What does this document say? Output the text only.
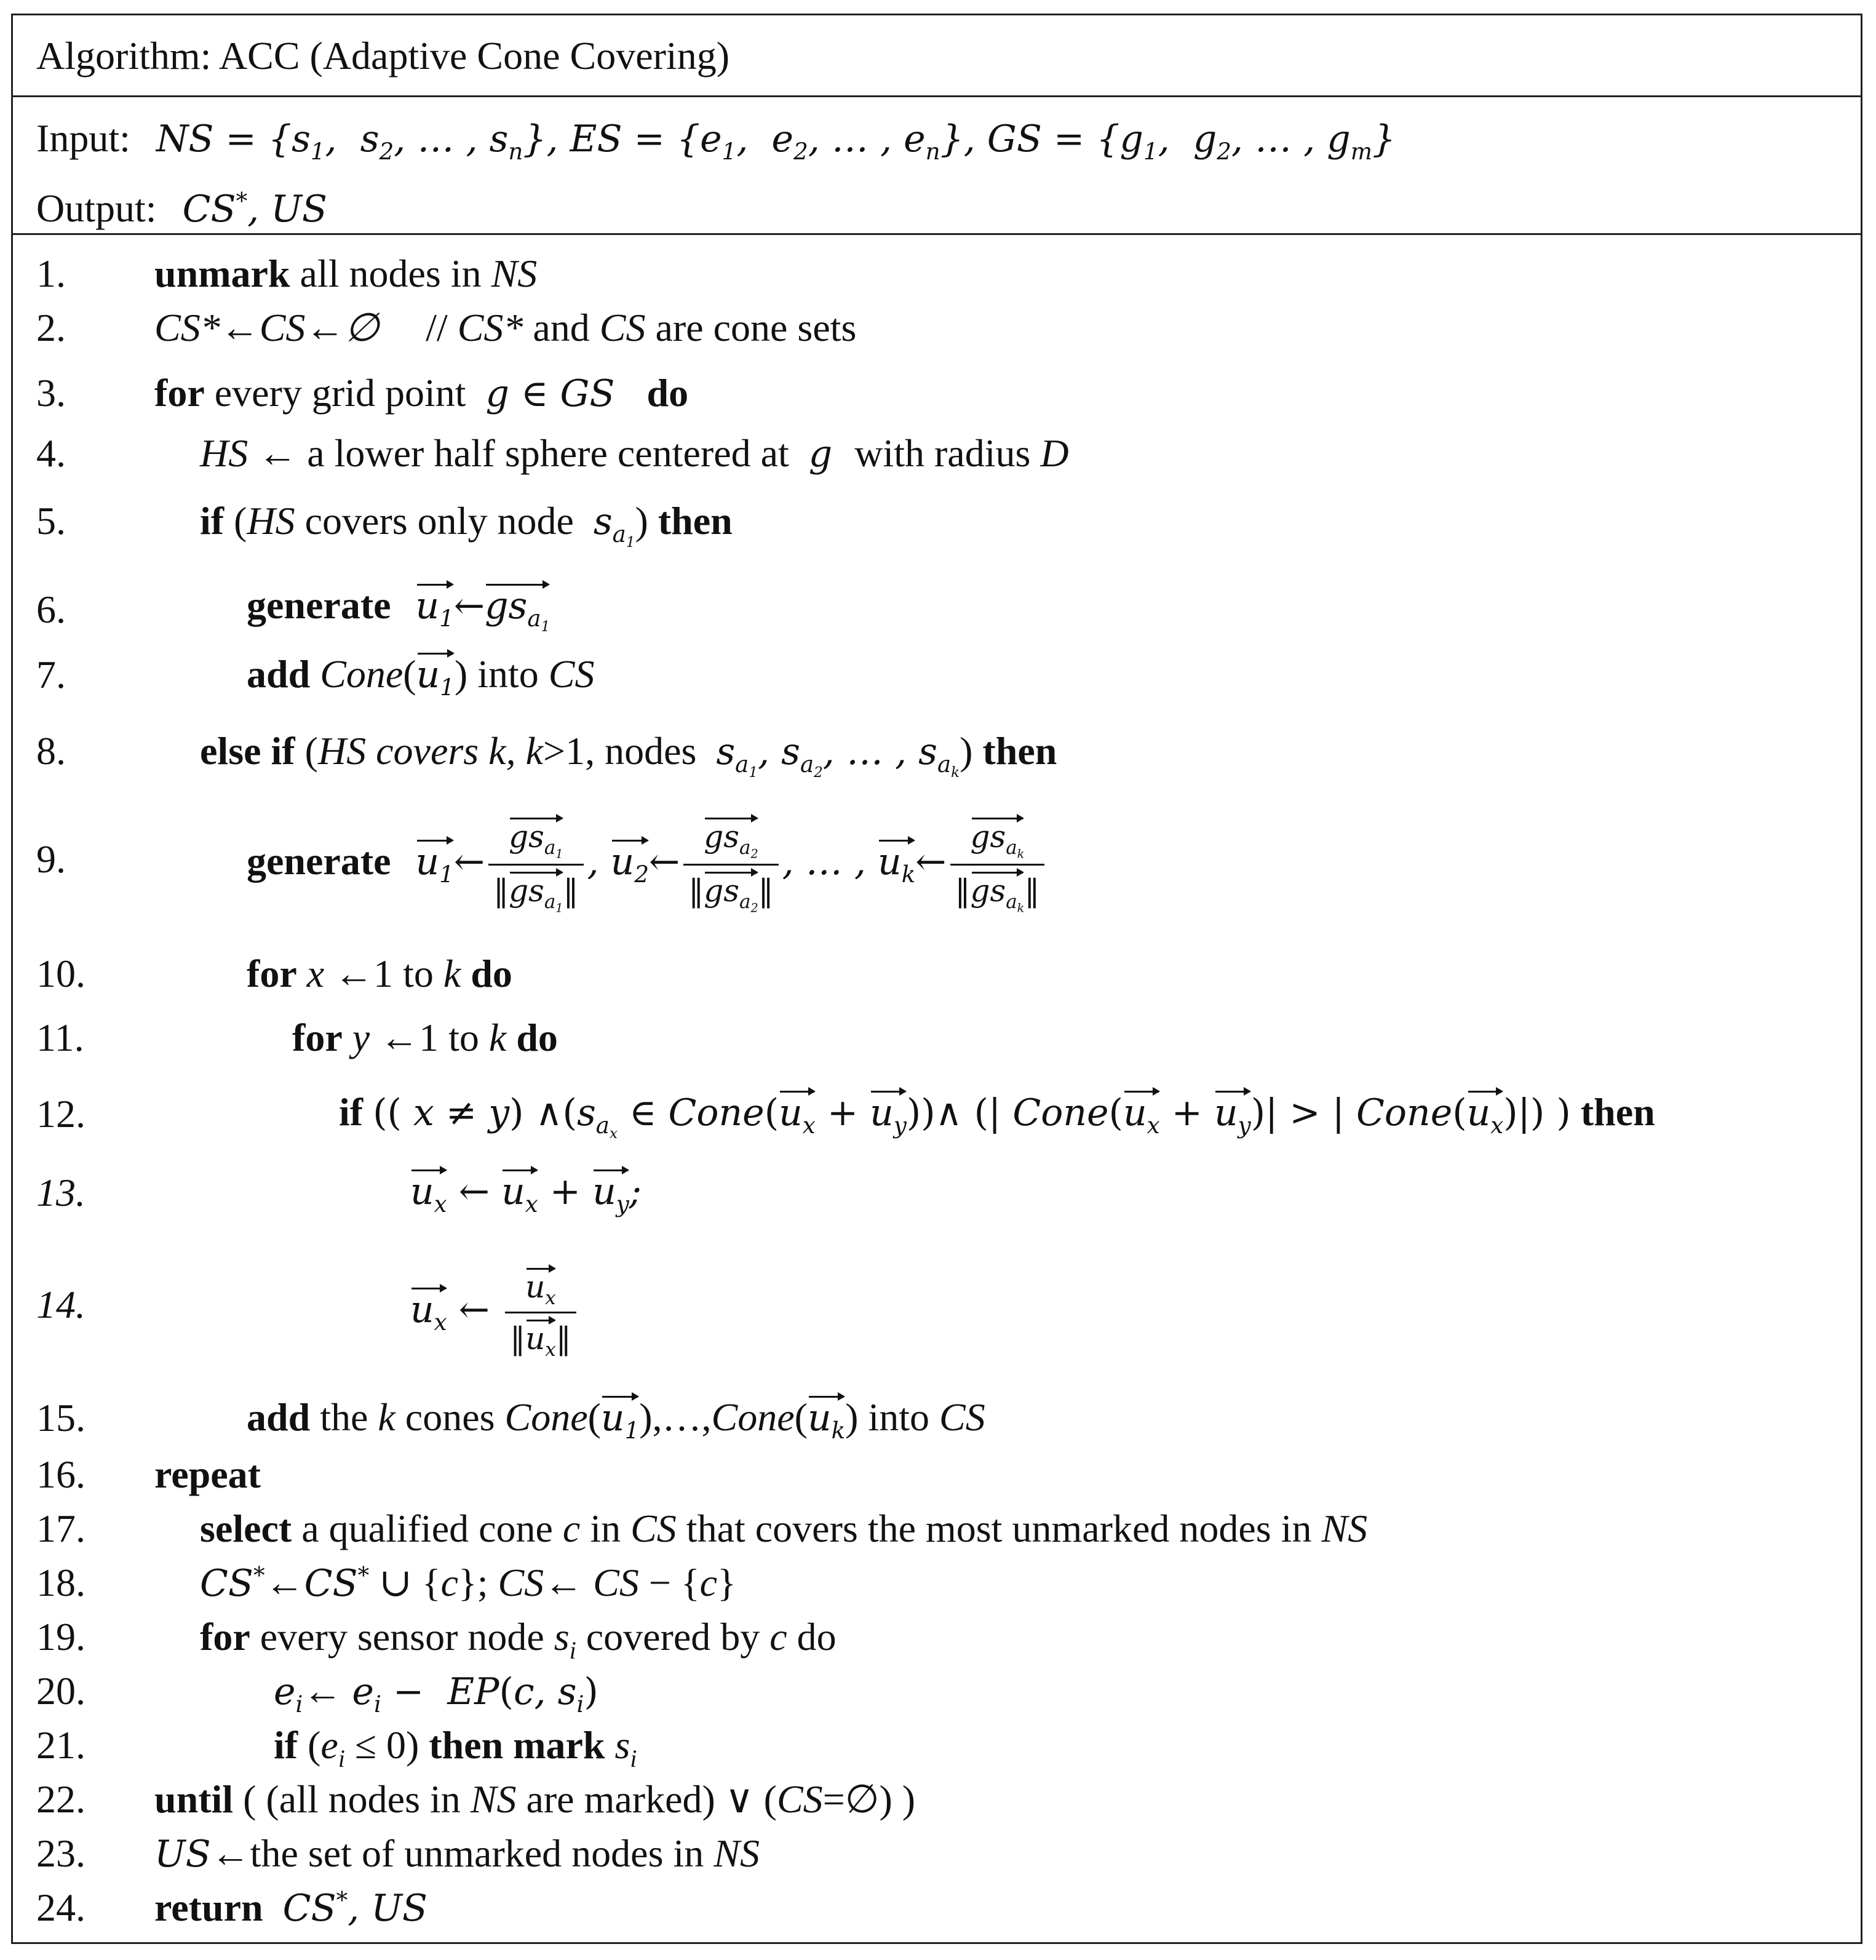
Algorithm: ACC (Adaptive Cone Covering)
Input: NS = {$s_1$,  $s_2$, … , $s_n$}, ES = {$e_1$,  $e_2$, … , $e_n$}, GS = {$g_1$,  $g_2$, … , $g_m$}
Output: CS*, US
1.
2.
3.
4.
5.
6.
7.
8.
9.
10.
11.
12.
13.
14.
15.
16.
17.
18.
19.
20.
21.
22.
23.
24.
unmark all nodes in NS
CS*←CS←∅ // CS* and CS are cone sets
for every grid point g ∈ GS do
HS ← a lower half sphere centered at g with radius D
if (HS covers only node $s_{a_1}$) then
generate $u_1\leftarrow gs_{a_1}$
add $Cone(u_1)$ into CS
else if (HS covers k, k>1, nodes $s_{a_1}$, $s_{a_2}$, … , $s_{a_k}$) then
generate $u_1\leftarrow \frac{gs_{a_1}}{‖gs_{a_1}‖}$ , $u_2\leftarrow \frac{gs_{a_2}}{‖gs_{a_2}‖}$ , … , $u_k\leftarrow \frac{gs_{a_k}}{‖gs_{a_k}‖}$
for x ←1 to k do
for y ←1 to k do
if (( x ≠ y) $\wedge(s_{a_x}$ ∈ $Cone(u_x$ + $u_y))\wedge$ (| $Cone(u_x + u_y)|$ > | $Cone(u_x)|$) ) then
$u_x$ ← $u_x + u_y$;
$u_x$ ← $\frac{u_x}{‖u_x‖}$
add the k cones $Cone(u_1),\dots,Cone(u_k)$ into CS
repeat
select a qualified cone c in CS that covers the most unmarked nodes in NS
CS*←CS* ∪ {c}; CS← CS − {c}
for every sensor node $s_i$ covered by c do
$e_i\leftarrow$ $e_i - EP(c$, $s_i$)
if $(e_i \le 0)$ then mark $s_i$
until ( (all nodes in NS are marked) ∨ (CS=∅) )
US←the set of unmarked nodes in NS
return CS*, US
